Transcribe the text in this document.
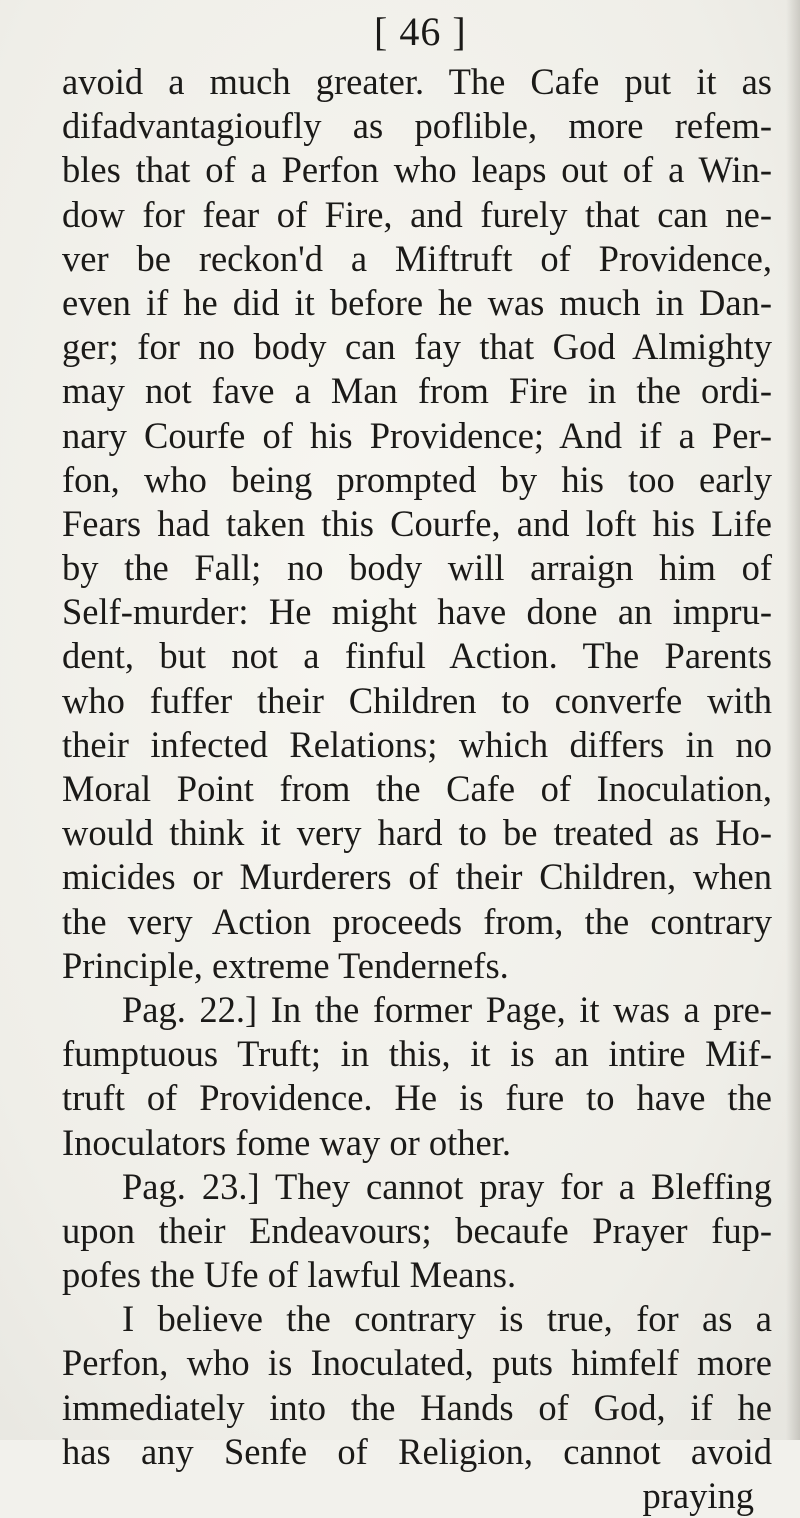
[ 46 ]
avoid a much greater. The Cafe put it as
difadvantagioufly as poflible, more refem-
bles that of a Perfon who leaps out of a Win-
dow for fear of Fire, and furely that can ne-
ver be reckon'd a Miftruft of Providence,
even if he did it before he was much in Dan-
ger; for no body can fay that God Almighty
may not fave a Man from Fire in the ordi-
nary Courfe of his Providence; And if a Per-
fon, who being prompted by his too early
Fears had taken this Courfe, and loft his Life
by the Fall; no body will arraign him of
Self-murder: He might have done an impru-
dent, but not a finful Action. The Parents
who fuffer their Children to converfe with
their infected Relations; which differs in no
Moral Point from the Cafe of Inoculation,
would think it very hard to be treated as Ho-
micides or Murderers of their Children, when
the very Action proceeds from, the contrary
Principle, extreme Tendernefs.
Pag. 22.] In the former Page, it was a pre-
fumptuous Truft; in this, it is an intire Mif-
truft of Providence. He is fure to have the
Inoculators fome way or other.
Pag. 23.] They cannot pray for a Bleffing
upon their Endeavours; becaufe Prayer fup-
pofes the Ufe of lawful Means.
I believe the contrary is true, for as a
Perfon, who is Inoculated, puts himfelf more
immediately into the Hands of God, if he
has any Senfe of Religion, cannot avoid
praying
